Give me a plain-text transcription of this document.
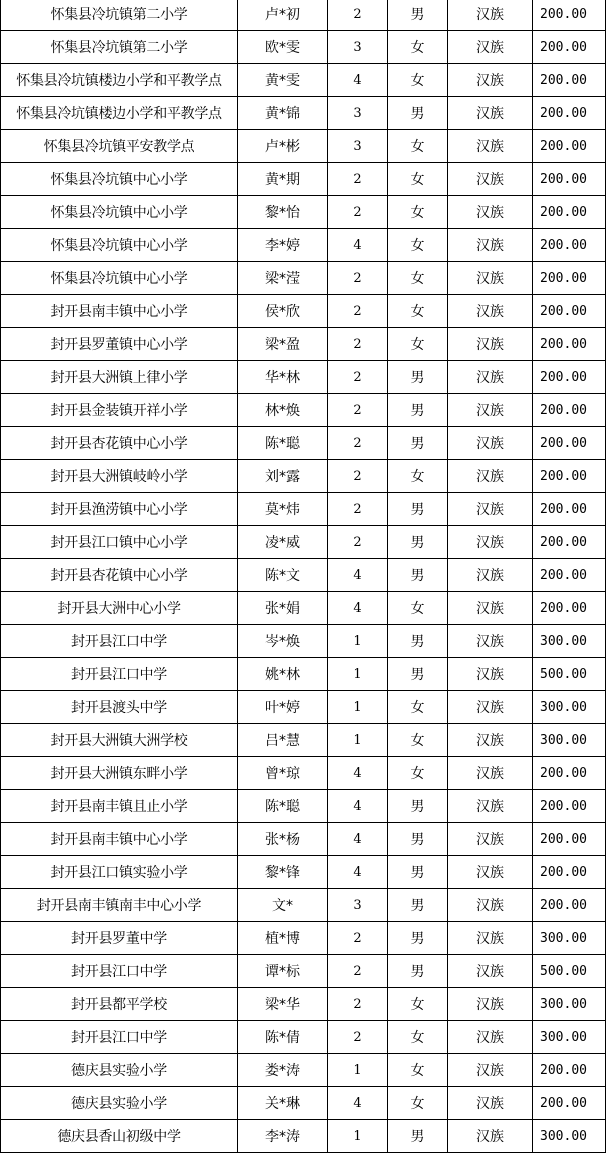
怀集县冷坑镇第二小学	卢*初	2	男	汉族	200.00
怀集县冷坑镇第二小学	欧*雯	3	女	汉族	200.00
怀集县冷坑镇楼边小学和平教学点	黄*雯	4	女	汉族	200.00
怀集县冷坑镇楼边小学和平教学点	黄*锦	3	男	汉族	200.00
怀集县冷坑镇平安教学点	卢*彬	3	女	汉族	200.00
怀集县冷坑镇中心小学	黄*期	2	女	汉族	200.00
怀集县冷坑镇中心小学	黎*怡	2	女	汉族	200.00
怀集县冷坑镇中心小学	李*婷	4	女	汉族	200.00
怀集县冷坑镇中心小学	梁*滢	2	女	汉族	200.00
封开县南丰镇中心小学	侯*欣	2	女	汉族	200.00
封开县罗董镇中心小学	梁*盈	2	女	汉族	200.00
封开县大洲镇上律小学	华*林	2	男	汉族	200.00
封开县金装镇开祥小学	林*焕	2	男	汉族	200.00
封开县杏花镇中心小学	陈*聪	2	男	汉族	200.00
封开县大洲镇岐岭小学	刘*露	2	女	汉族	200.00
封开县渔涝镇中心小学	莫*炜	2	男	汉族	200.00
封开县江口镇中心小学	凌*威	2	男	汉族	200.00
封开县杏花镇中心小学	陈*文	4	男	汉族	200.00
封开县大洲中心小学	张*娟	4	女	汉族	200.00
封开县江口中学	岑*焕	1	男	汉族	300.00
封开县江口中学	姚*林	1	男	汉族	500.00
封开县渡头中学	叶*婷	1	女	汉族	300.00
封开县大洲镇大洲学校	吕*慧	1	女	汉族	300.00
封开县大洲镇东畔小学	曾*琼	4	女	汉族	200.00
封开县南丰镇且止小学	陈*聪	4	男	汉族	200.00
封开县南丰镇中心小学	张*杨	4	男	汉族	200.00
封开县江口镇实验小学	黎*锋	4	男	汉族	200.00
封开县南丰镇南丰中心小学	文*	3	男	汉族	200.00
封开县罗董中学	植*博	2	男	汉族	300.00
封开县江口中学	谭*标	2	男	汉族	500.00
封开县都平学校	梁*华	2	女	汉族	300.00
封开县江口中学	陈*倩	2	女	汉族	300.00
德庆县实验小学	娄*涛	1	女	汉族	200.00
德庆县实验小学	关*琳	4	女	汉族	200.00
德庆县香山初级中学	李*涛	1	男	汉族	300.00
